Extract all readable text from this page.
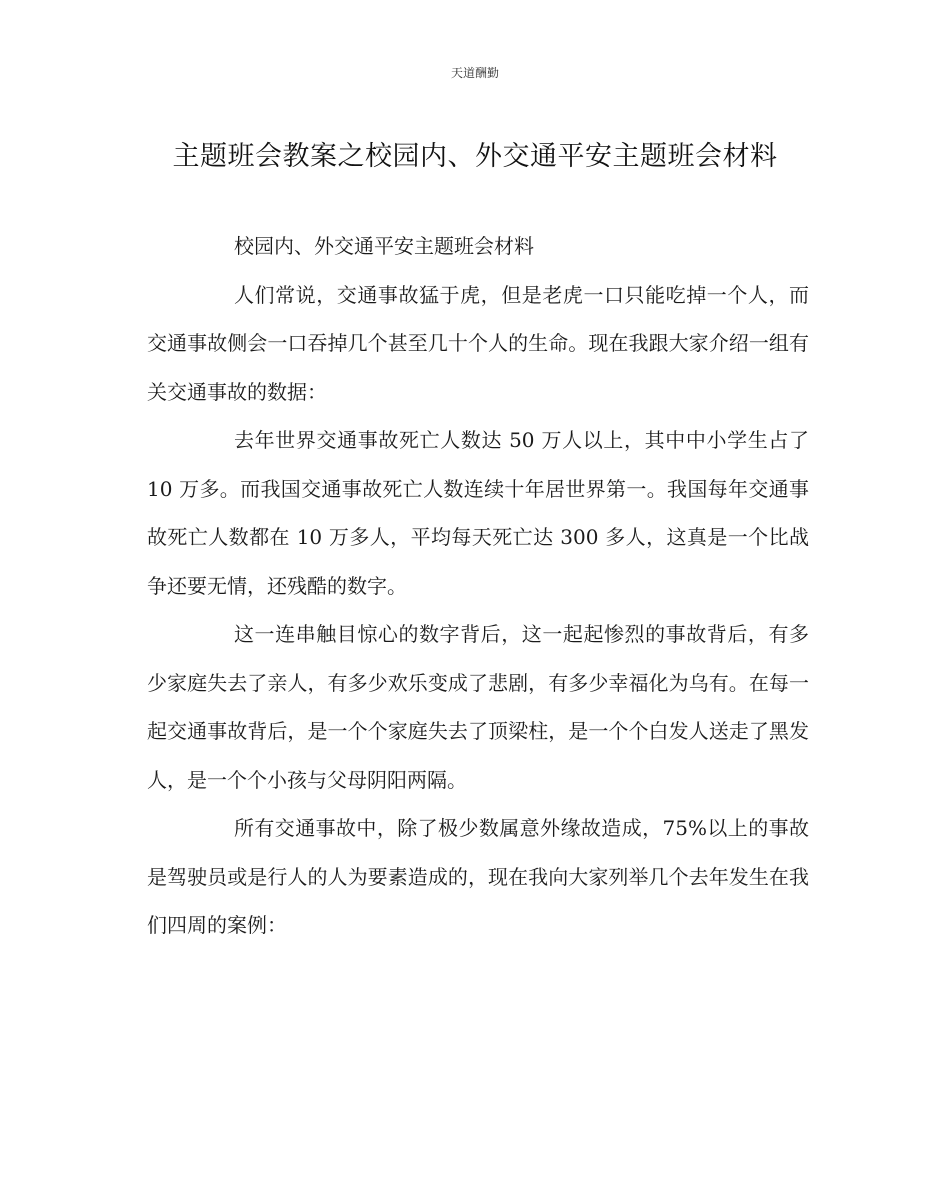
天道酬勤
主题班会教案之校园内、外交通平安主题班会材料

校园内、外交通平安主题班会材料

人们常说，交通事故猛于虎，但是老虎一口只能吃掉一个人，而交通事故侧会一口吞掉几个甚至几十个人的生命。现在我跟大家介绍一组有关交通事故的数据：

去年世界交通事故死亡人数达 50 万人以上，其中中小学生占了 10 万多。而我国交通事故死亡人数连续十年居世界第一。我国每年交通事故死亡人数都在 10 万多人，平均每天死亡达 300 多人，这真是一个比战争还要无情，还残酷的数字。

这一连串触目惊心的数字背后，这一起起惨烈的事故背后，有多少家庭失去了亲人，有多少欢乐变成了悲剧，有多少幸福化为乌有。在每一起交通事故背后，是一个个家庭失去了顶梁柱，是一个个白发人送走了黑发人，是一个个小孩与父母阴阳两隔。

所有交通事故中，除了极少数属意外缘故造成，75%以上的事故是驾驶员或是行人的人为要素造成的，现在我向大家列举几个去年发生在我们四周的案例：
